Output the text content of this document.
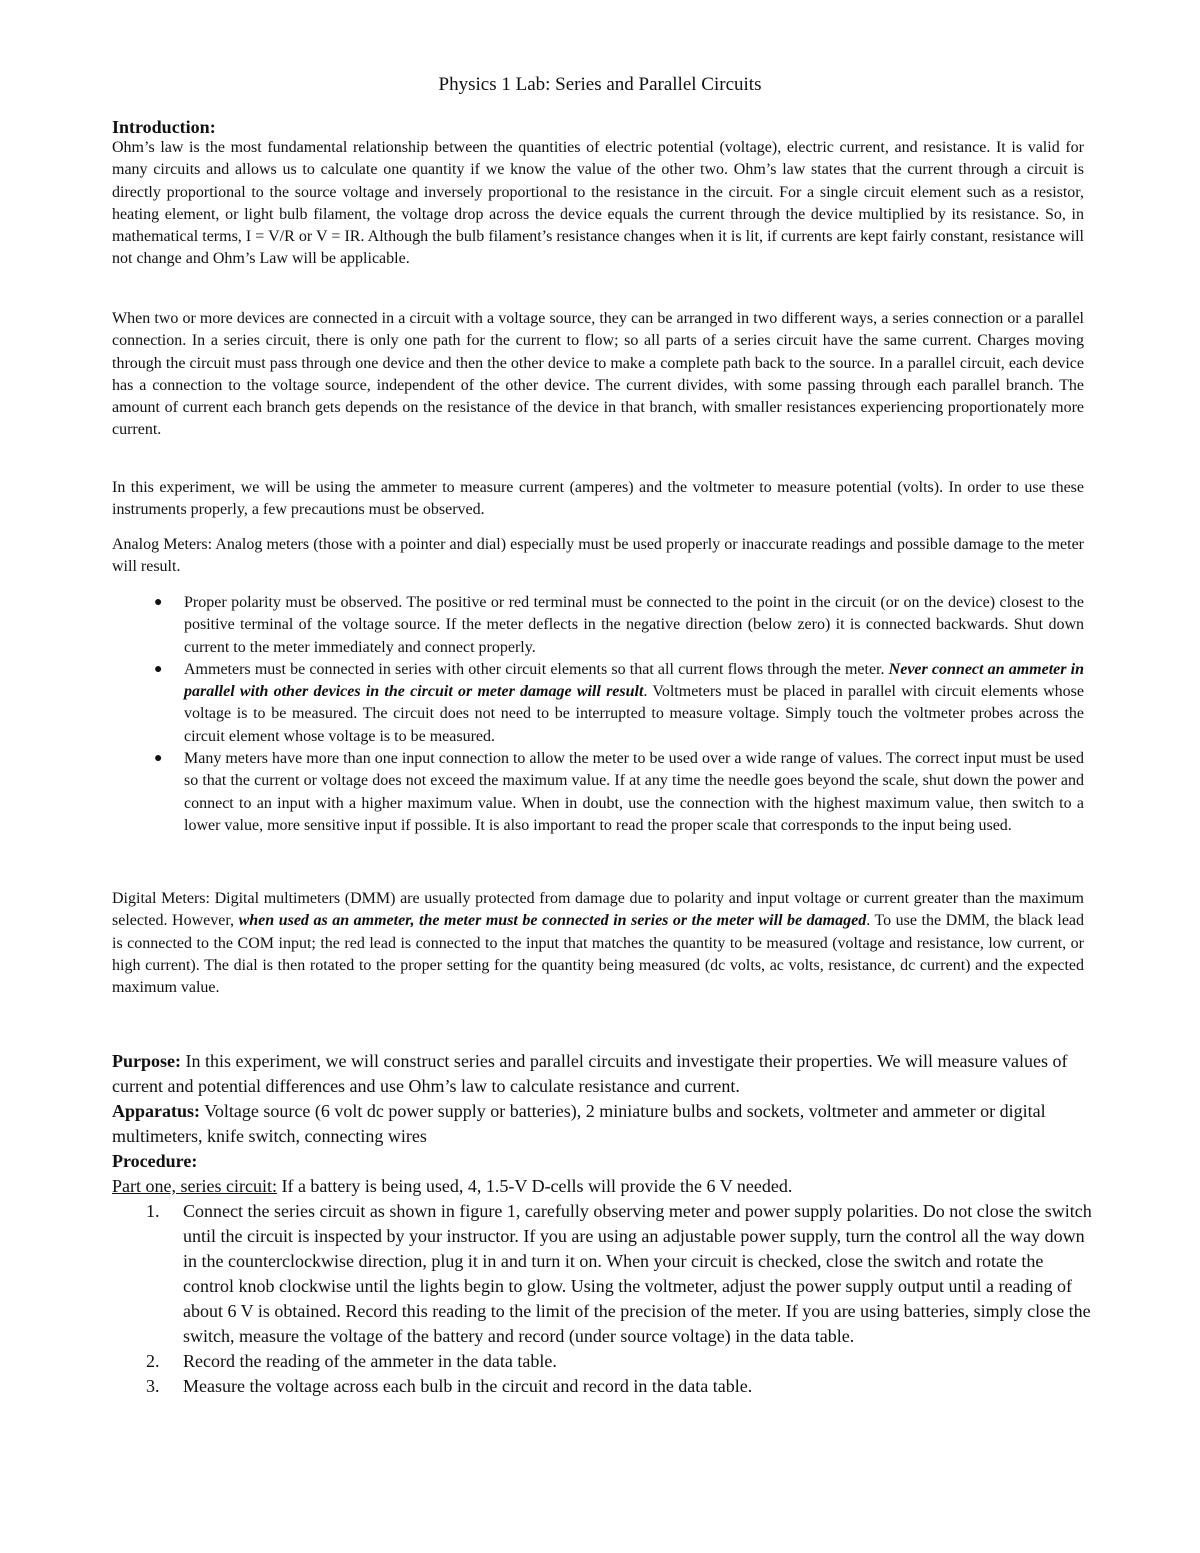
Physics 1 Lab: Series and Parallel Circuits
Introduction:
Ohm’s law is the most fundamental relationship between the quantities of electric potential (voltage), electric current, and resistance. It is valid for many circuits and allows us to calculate one quantity if we know the value of the other two. Ohm’s law states that the current through a circuit is directly proportional to the source voltage and inversely proportional to the resistance in the circuit. For a single circuit element such as a resistor, heating element, or light bulb filament, the voltage drop across the device equals the current through the device multiplied by its resistance. So, in mathematical terms, I = V/R or V = IR. Although the bulb filament’s resistance changes when it is lit, if currents are kept fairly constant, resistance will not change and Ohm’s Law will be applicable.
When two or more devices are connected in a circuit with a voltage source, they can be arranged in two different ways, a series connection or a parallel connection. In a series circuit, there is only one path for the current to flow; so all parts of a series circuit have the same current. Charges moving through the circuit must pass through one device and then the other device to make a complete path back to the source. In a parallel circuit, each device has a connection to the voltage source, independent of the other device. The current divides, with some passing through each parallel branch. The amount of current each branch gets depends on the resistance of the device in that branch, with smaller resistances experiencing proportionately more current.
In this experiment, we will be using the ammeter to measure current (amperes) and the voltmeter to measure potential (volts). In order to use these instruments properly, a few precautions must be observed.
Analog Meters: Analog meters (those with a pointer and dial) especially must be used properly or inaccurate readings and possible damage to the meter will result.
● Proper polarity must be observed. The positive or red terminal must be connected to the point in the circuit (or on the device) closest to the positive terminal of the voltage source. If the meter deflects in the negative direction (below zero) it is connected backwards. Shut down current to the meter immediately and connect properly.
● Ammeters must be connected in series with other circuit elements so that all current flows through the meter. Never connect an ammeter in parallel with other devices in the circuit or meter damage will result. Voltmeters must be placed in parallel with circuit elements whose voltage is to be measured. The circuit does not need to be interrupted to measure voltage. Simply touch the voltmeter probes across the circuit element whose voltage is to be measured.
● Many meters have more than one input connection to allow the meter to be used over a wide range of values. The correct input must be used so that the current or voltage does not exceed the maximum value. If at any time the needle goes beyond the scale, shut down the power and connect to an input with a higher maximum value. When in doubt, use the connection with the highest maximum value, then switch to a lower value, more sensitive input if possible. It is also important to read the proper scale that corresponds to the input being used.
Digital Meters: Digital multimeters (DMM) are usually protected from damage due to polarity and input voltage or current greater than the maximum selected. However, when used as an ammeter, the meter must be connected in series or the meter will be damaged. To use the DMM, the black lead is connected to the COM input; the red lead is connected to the input that matches the quantity to be measured (voltage and resistance, low current, or high current). The dial is then rotated to the proper setting for the quantity being measured (dc volts, ac volts, resistance, dc current) and the expected maximum value.
Purpose: In this experiment, we will construct series and parallel circuits and investigate their properties. We will measure values of current and potential differences and use Ohm’s law to calculate resistance and current.
Apparatus: Voltage source (6 volt dc power supply or batteries), 2 miniature bulbs and sockets, voltmeter and ammeter or digital multimeters, knife switch, connecting wires
Procedure:
Part one, series circuit: If a battery is being used, 4, 1.5-V D-cells will provide the 6 V needed.
1. Connect the series circuit as shown in figure 1, carefully observing meter and power supply polarities. Do not close the switch until the circuit is inspected by your instructor. If you are using an adjustable power supply, turn the control all the way down in the counterclockwise direction, plug it in and turn it on. When your circuit is checked, close the switch and rotate the control knob clockwise until the lights begin to glow. Using the voltmeter, adjust the power supply output until a reading of about 6 V is obtained. Record this reading to the limit of the precision of the meter. If you are using batteries, simply close the switch, measure the voltage of the battery and record (under source voltage) in the data table.
2. Record the reading of the ammeter in the data table.
3. Measure the voltage across each bulb in the circuit and record in the data table.
